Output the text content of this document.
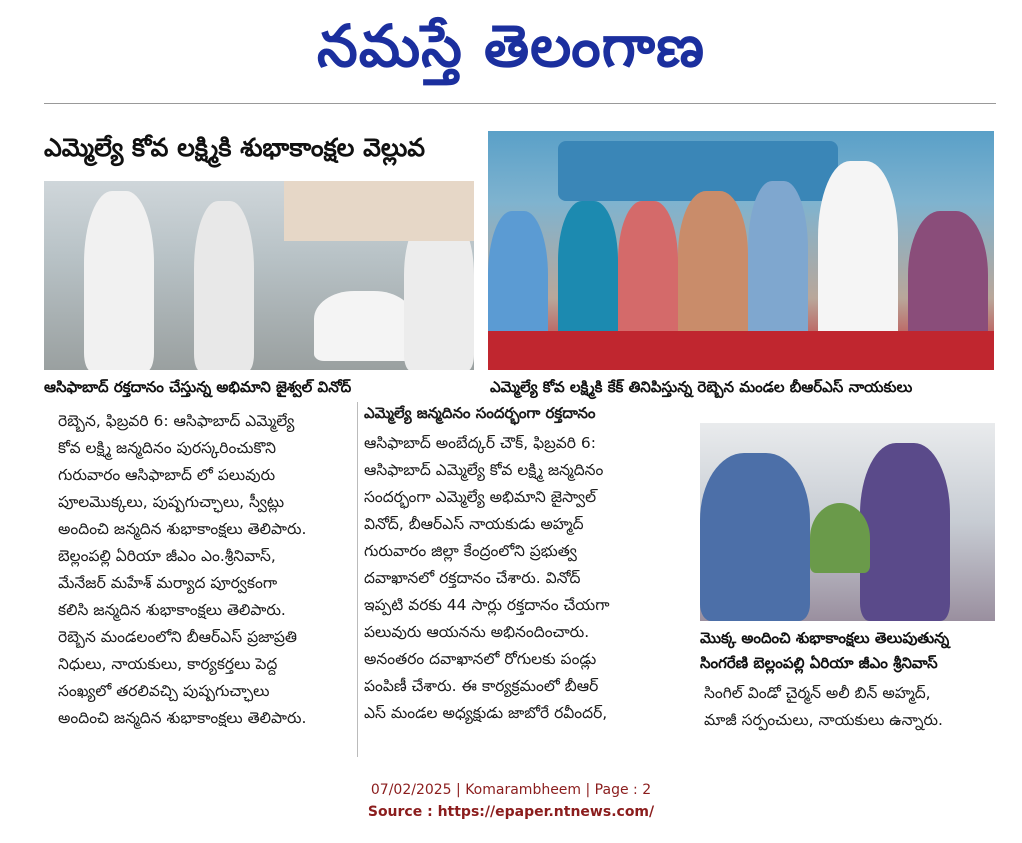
నమస్తే తెలంగాణ
ఎమ్మెల్యే కోవ లక్ష్మికి శుభాకాంక్షల వెల్లువ
ఆసిఫాబాద్ రక్తదానం చేస్తున్న అభిమాని జైశ్వల్ వినోద్	ఎమ్మెల్యే కోవ లక్ష్మికి కేక్ తినిపిస్తున్న రెబ్బెన మండల బీఆర్ఎస్ నాయకులు
ఎమ్మెల్యే జన్మదినం సందర్భంగా రక్తదానం
రెబ్బెన, ఫిబ్రవరి 6: ఆసిఫాబాద్ ఎమ్మెల్యే
కోవ లక్ష్మి జన్మదినం పురస్కరించుకొని
గురువారం ఆసిఫాబాద్ లో పలువురు
పూలమొక్కలు, పుష్పగుచ్ఛాలు, స్వీట్లు
అందించి జన్మదిన శుభాకాంక్షలు తెలిపారు.
బెల్లంపల్లి ఏరియా జీఎం ఎం.శ్రీనివాస్,
మేనేజర్ మహేశ్ మర్యాద పూర్వకంగా
కలిసి జన్మదిన శుభాకాంక్షలు తెలిపారు.
రెబ్బెన మండలంలోని బీఆర్ఎస్ ప్రజాప్రతి
నిధులు, నాయకులు, కార్యకర్తలు పెద్ద
సంఖ్యలో తరలివచ్చి పుష్పగుచ్ఛాలు
అందించి జన్మదిన శుభాకాంక్షలు తెలిపారు.
ఆసిఫాబాద్ అంబేద్కర్ చౌక్, ఫిబ్రవరి 6:
ఆసిఫాబాద్ ఎమ్మెల్యే కోవ లక్ష్మి జన్మదినం
సందర్భంగా ఎమ్మెల్యే అభిమాని జైస్వాల్
వినోద్, బీఆర్ఎస్ నాయకుడు అహ్మద్
గురువారం జిల్లా కేంద్రంలోని ప్రభుత్వ
దవాఖానలో రక్తదానం చేశారు. వినోద్
ఇప్పటి వరకు 44 సార్లు రక్తదానం చేయగా
పలువురు ఆయనను అభినందించారు.
అనంతరం దవాఖానలో రోగులకు పండ్లు
పంపిణీ చేశారు. ఈ కార్యక్రమంలో బీఆర్
ఎస్ మండల అధ్యక్షుడు జాబోరే రవీందర్,
మొక్క అందించి శుభాకాంక్షలు తెలుపుతున్న
సింగరేణి బెల్లంపల్లి ఏరియా జీఎం శ్రీనివాస్
సింగిల్ విండో చైర్మన్ అలీ బిన్ అహ్మద్,
మాజీ సర్పంచులు, నాయకులు ఉన్నారు.
07/02/2025 | Komarambheem | Page : 2
Source : https://epaper.ntnews.com/
